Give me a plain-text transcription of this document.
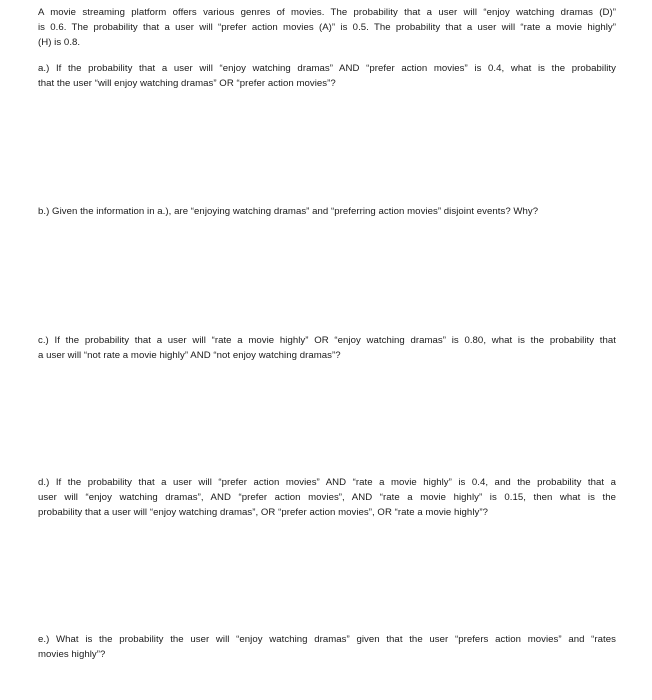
A movie streaming platform offers various genres of movies. The probability that a user will “enjoy watching dramas (D)”
is 0.6. The probability that a user will “prefer action movies (A)” is 0.5. The probability that a user will “rate a movie highly”
(H) is 0.8.
a.) If the probability that a user will “enjoy watching dramas” AND “prefer action movies” is 0.4, what is the probability
that the user “will enjoy watching dramas” OR “prefer action movies”?
b.) Given the information in a.), are “enjoying watching dramas” and “preferring action movies” disjoint events? Why?
c.) If the probability that a user will “rate a movie highly” OR “enjoy watching dramas” is 0.80, what is the probability that
a user will “not rate a movie highly” AND “not enjoy watching dramas”?
d.) If the probability that a user will “prefer action movies” AND “rate a movie highly” is 0.4, and the probability that a
user will “enjoy watching dramas”, AND “prefer action movies”, AND “rate a movie highly” is 0.15, then what is the
probability that a user will “enjoy watching dramas”, OR “prefer action movies”, OR “rate a movie highly”?
e.) What is the probability the user will “enjoy watching dramas” given that the user “prefers action movies” and “rates
movies highly”?
